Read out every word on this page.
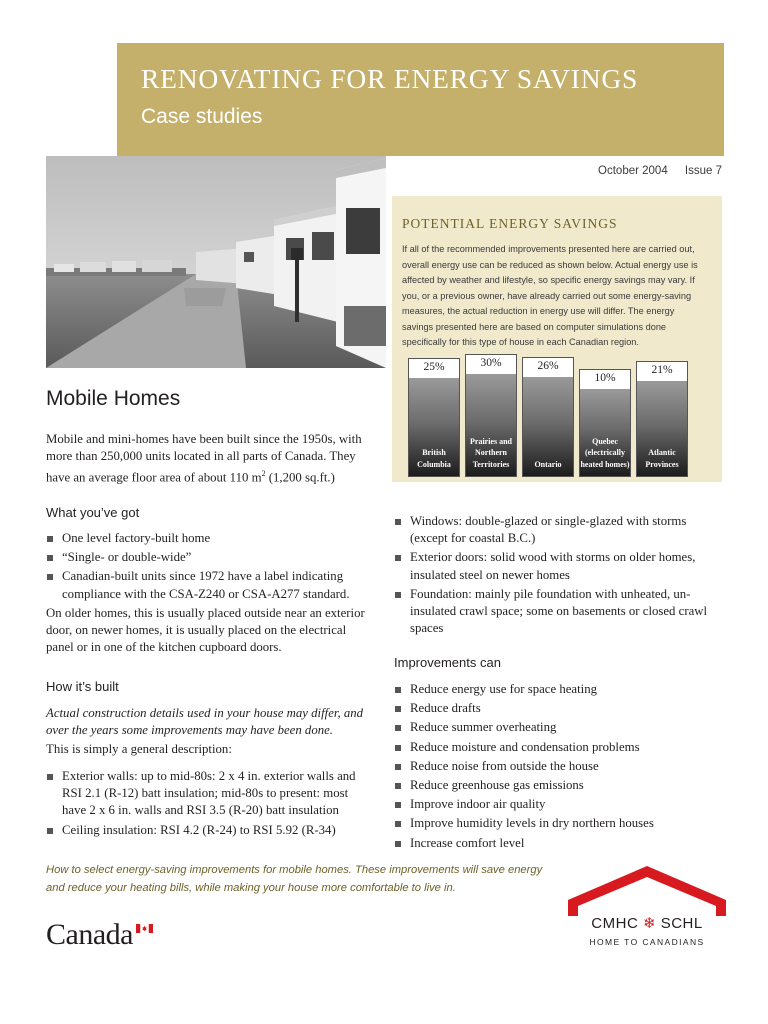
RENOVATING FOR ENERGY SAVINGS
Case studies
October 2004 Issue 7
POTENTIAL ENERGY SAVINGS
If all of the recommended improvements presented here are carried out, overall energy use can be reduced as shown below. Actual energy use is affected by weather and lifestyle, so specific energy savings may vary. If you, or a previous owner, have already carried out some energy-saving measures, the actual reduction in energy use will differ. The energy savings presented here are based on computer simulations done specifically for this type of house in each Canadian region.
25%
British Columbia
30%
Prairies and Northern Territories
26%
Ontario
10%
Quebec (electrically heated homes)
21%
Atlantic Provinces
Mobile Homes
Mobile and mini-homes have been built since the 1950s, with more than 250,000 units located in all parts of Canada. They have an average floor area of about 110 $m^2$ (1,200 sq.ft.)
What you’ve got
One level factory-built home
“Single- or double-wide”
Canadian-built units since 1972 have a label indicating compliance with the CSA-Z240 or CSA-A277 standard.
On older homes, this is usually placed outside near an exterior door, on newer homes, it is usually placed on the electrical panel or in one of the kitchen cupboard doors.
How it’s built
Actual construction details used in your house may differ, and over the years some improvements may have been done.
This is simply a general description:
Exterior walls: up to mid-80s: 2 x 4 in. exterior walls and RSI 2.1 (R-12) batt insulation; mid-80s to present: most have 2 x 6 in. walls and RSI 3.5 (R-20) batt insulation
Ceiling insulation: RSI 4.2 (R-24) to RSI 5.92 (R-34)
Windows: double-glazed or single-glazed with storms (except for coastal B.C.)
Exterior doors: solid wood with storms on older homes, insulated steel on newer homes
Foundation: mainly pile foundation with unheated, un-insulated crawl space; some on basements or closed crawl spaces
Improvements can
Reduce energy use for space heating
Reduce drafts
Reduce summer overheating
Reduce moisture and condensation problems
Reduce noise from outside the house
Reduce greenhouse gas emissions
Improve indoor air quality
Improve humidity levels in dry northern houses
Increase comfort level
How to select energy-saving improvements for mobile homes. These improvements will save energy and reduce your heating bills, while making your house more comfortable to live in.
Canada	CMHC ❄ SCHL
HOME TO CANADIANS
